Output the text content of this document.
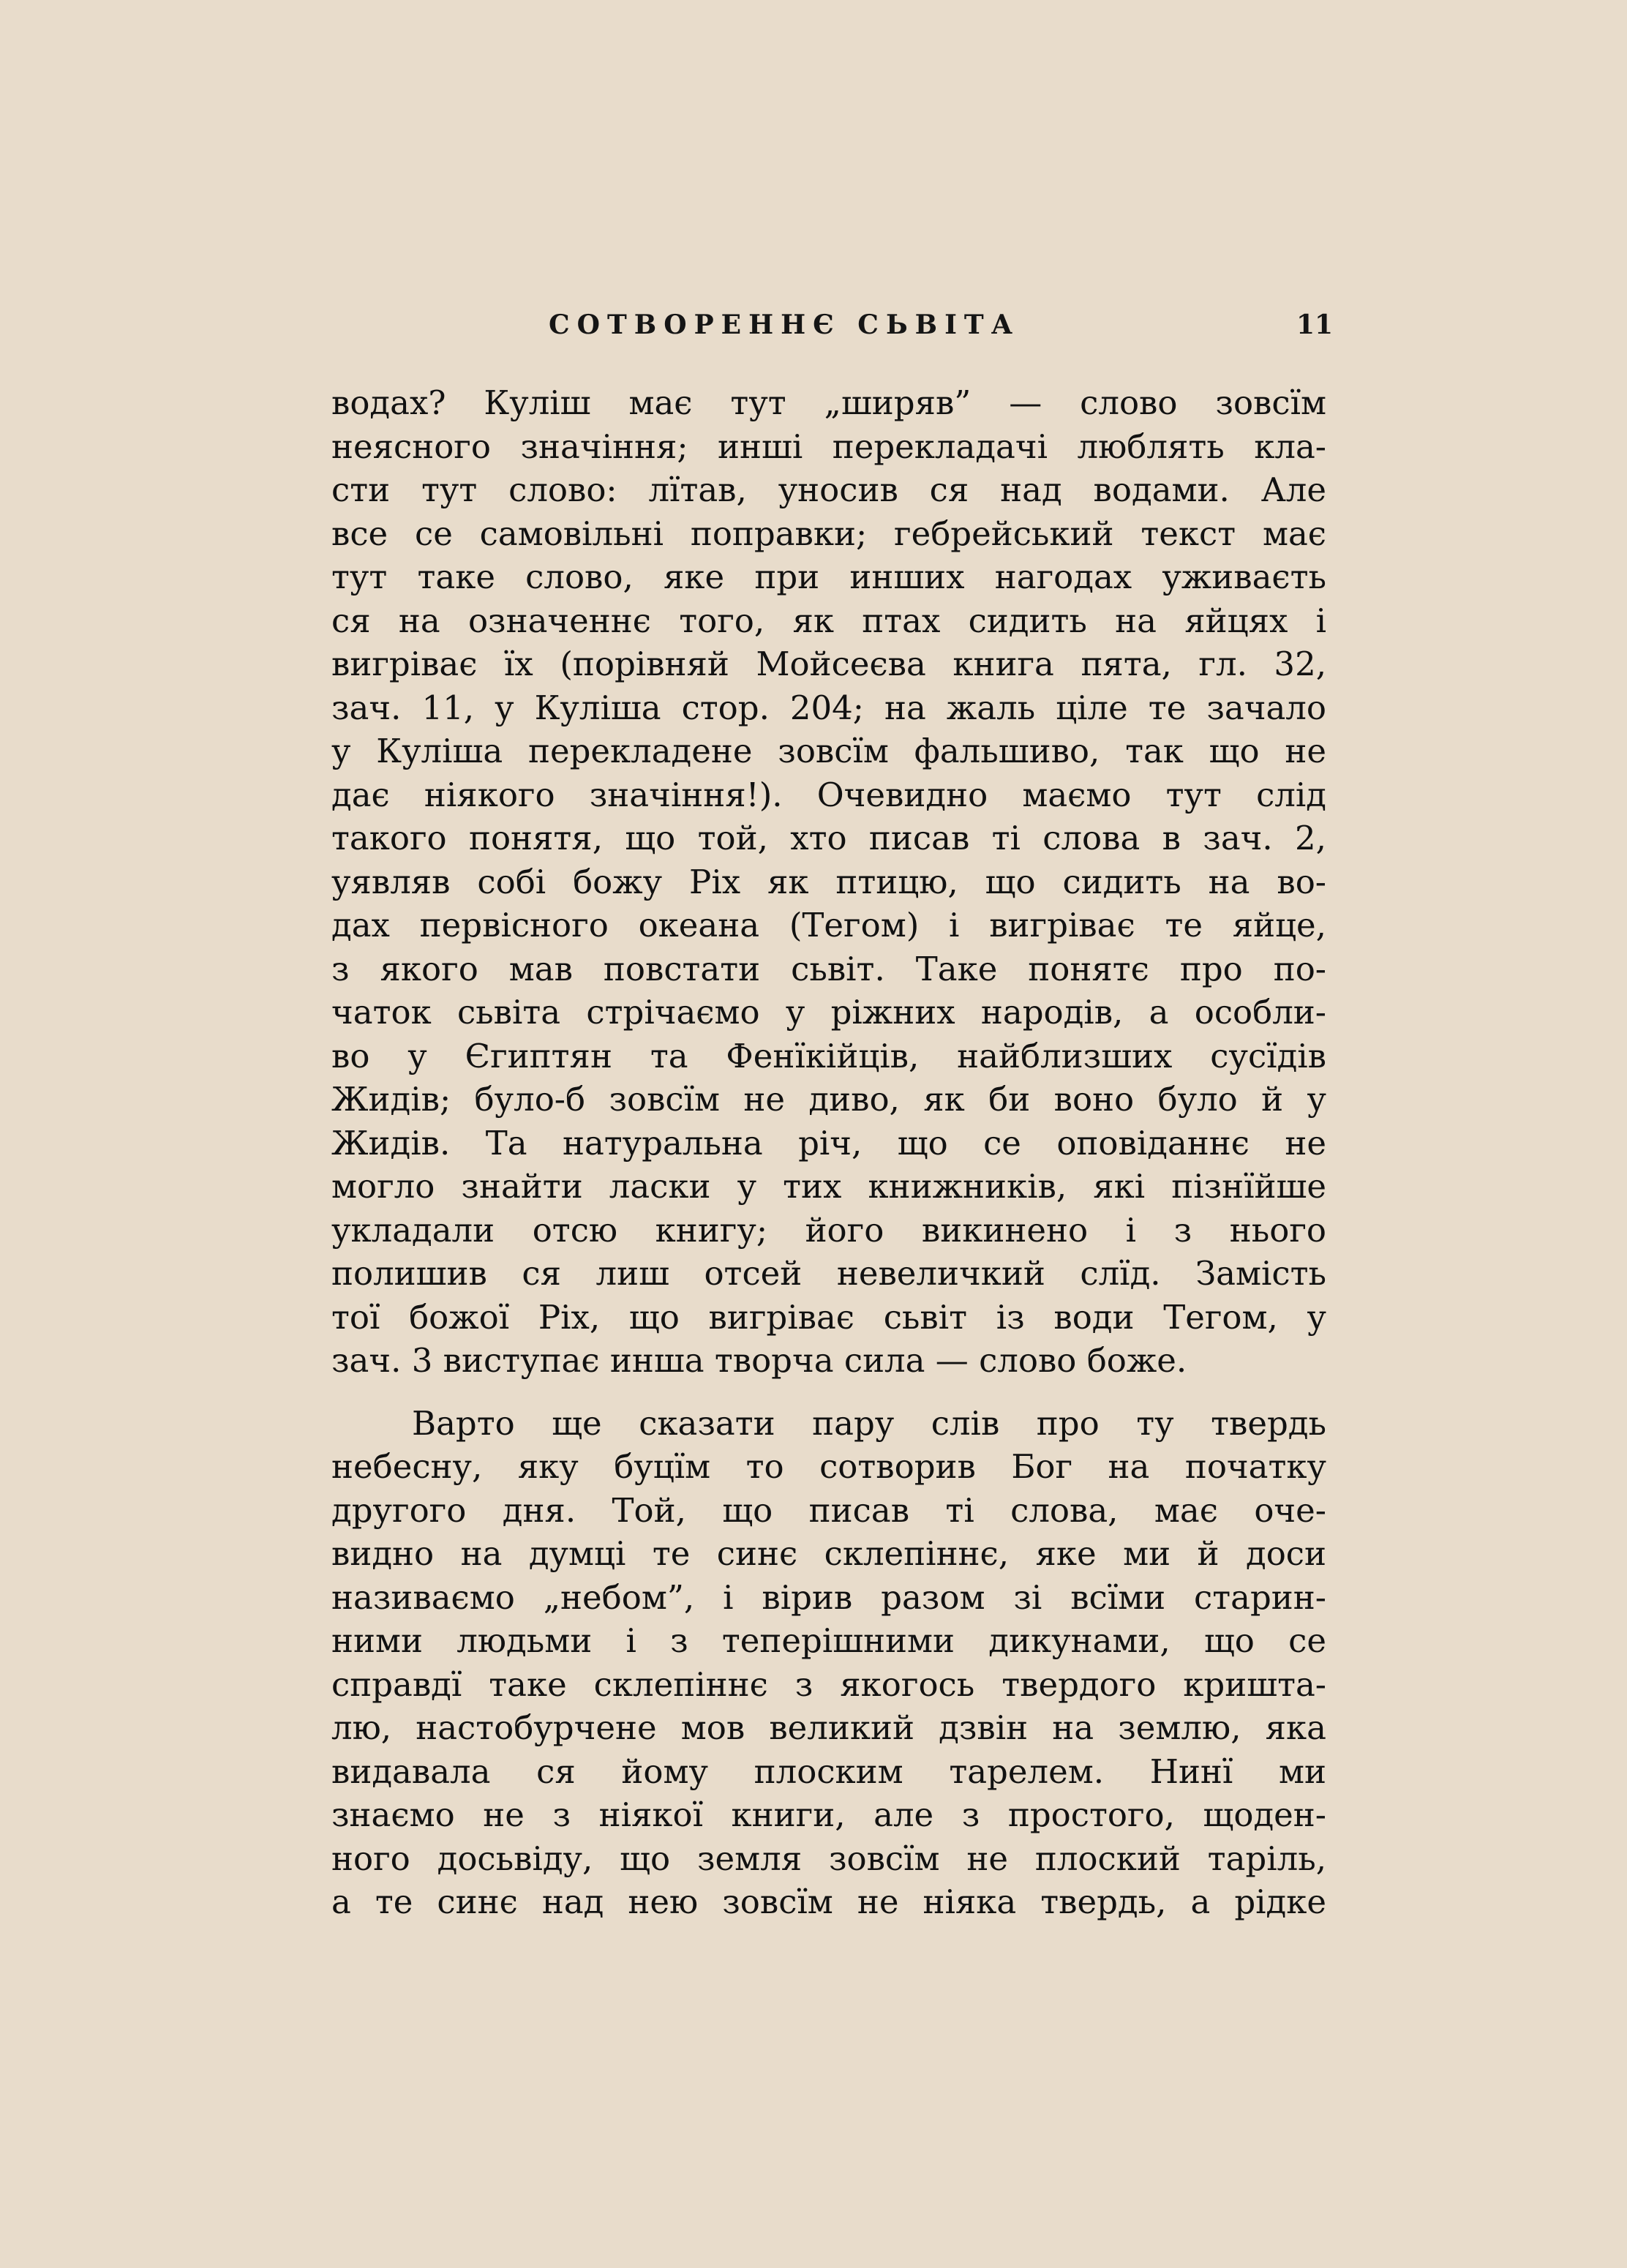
СОТВОРЕННЄ СЬВІТА	11
водах? Куліш має тут „ширяв” — слово зовсїм
неясного значіння; инші перекладачі люблять кла-
сти тут слово: лїтав, уносив ся над водами. Але
все се самовільні поправки; гебрейський текст має
тут таке слово, яке при инших нагодах уживаєть
ся на означеннє того, як птах сидить на яйцях і
вигріває їх (порівняй Мойсеєва книга пята, гл. 32,
зач. 11, у Куліша стор. 204; на жаль ціле те зачало
у Куліша перекладене зовсїм фальшиво, так що не
дає ніякого значіння!). Очевидно маємо тут слід
такого понятя, що той, хто писав ті слова в зач. 2,
уявляв собі божу Ріх як птицю, що сидить на во-
дах первісного океана (Тегом) і вигріває те яйце,
з якого мав повстати сьвіт. Таке понятє про по-
чаток сьвіта стрічаємо у ріжних народів, а особли-
во у Єгиптян та Фенїкійців, найблизших сусїдів
Жидів; було-б зовсїм не диво, як би воно було й у
Жидів. Та натуральна річ, що се оповіданнє не
могло знайти ласки у тих книжників, які пізнїйше
укладали отсю книгу; його викинено і з нього
полишив ся лиш отсей невеличкий слїд. Замість
тої божої Ріх, що вигріває сьвіт із води Тегом, у
зач. 3 виступає инша творча сила — слово боже.
Варто ще сказати пару слів про ту твердь
небесну, яку буцїм то сотворив Бог на початку
другого дня. Той, що писав ті слова, має оче-
видно на думці те синє склепіннє, яке ми й доси
називаємо „небом”, і вірив разом зі всїми старин-
ними людьми і з теперішними дикунами, що се
справдї таке склепіннє з якогось твердого кришта-
лю, настобурчене мов великий дзвін на землю, яка
видавала ся йому плоским тарелем. Нинї ми
знаємо не з ніякої книги, але з простого, щоден-
ного досьвіду, що земля зовсїм не плоский таріль,
а те синє над нею зовсїм не ніяка твердь, а рідке
